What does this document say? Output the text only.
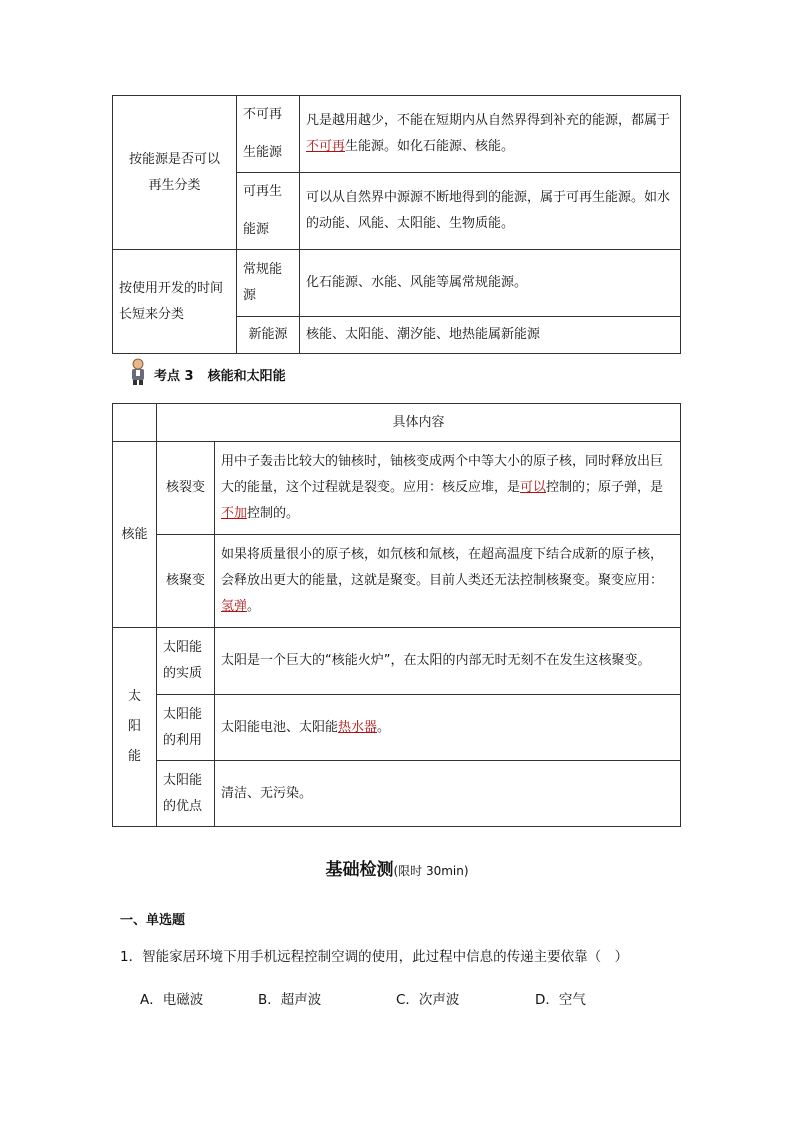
按能源是否可以再生分类	不可再生能源	凡是越用越少，不能在短期内从自然界得到补充的能源，都属于不可再生能源。如化石能源、核能。

	可再生能源	可以从自然界中源源不断地得到的能源，属于可再生能源。如水的动能、风能、太阳能、生物质能。

按使用开发的时间长短来分类	常规能源	化石能源、水能、风能等属常规能源。
	新能源	核能、太阳能、潮汐能、地热能属新能源
考点 3 核能和太阳能
	具体内容	
核能	核裂变	用中子轰击比较大的铀核时，铀核变成两个中等大小的原子核，同时释放出巨大的能量，这个过程就是裂变。应用：核反应堆，是可以控制的；原子弹，是不加控制的。
	核聚变	如果将质量很小的原子核，如氘核和氚核，在超高温度下结合成新的原子核，会释放出更大的能量，这就是聚变。目前人类还无法控制核聚变。聚变应用：氢弹。

太阳能	太阳能的实质	太阳是一个巨大的“核能火炉”，在太阳的内部无时无刻不在发生这核聚变。

	太阳能的利用	太阳能电池、太阳能热水器。

	太阳能的优点	清洁、无污染。
基础检测(限时 30min)
一、单选题
1．智能家居环境下用手机远程控制空调的使用，此过程中信息的传递主要依靠（　）
A．电磁波	B．超声波	C．次声波	D．空气
